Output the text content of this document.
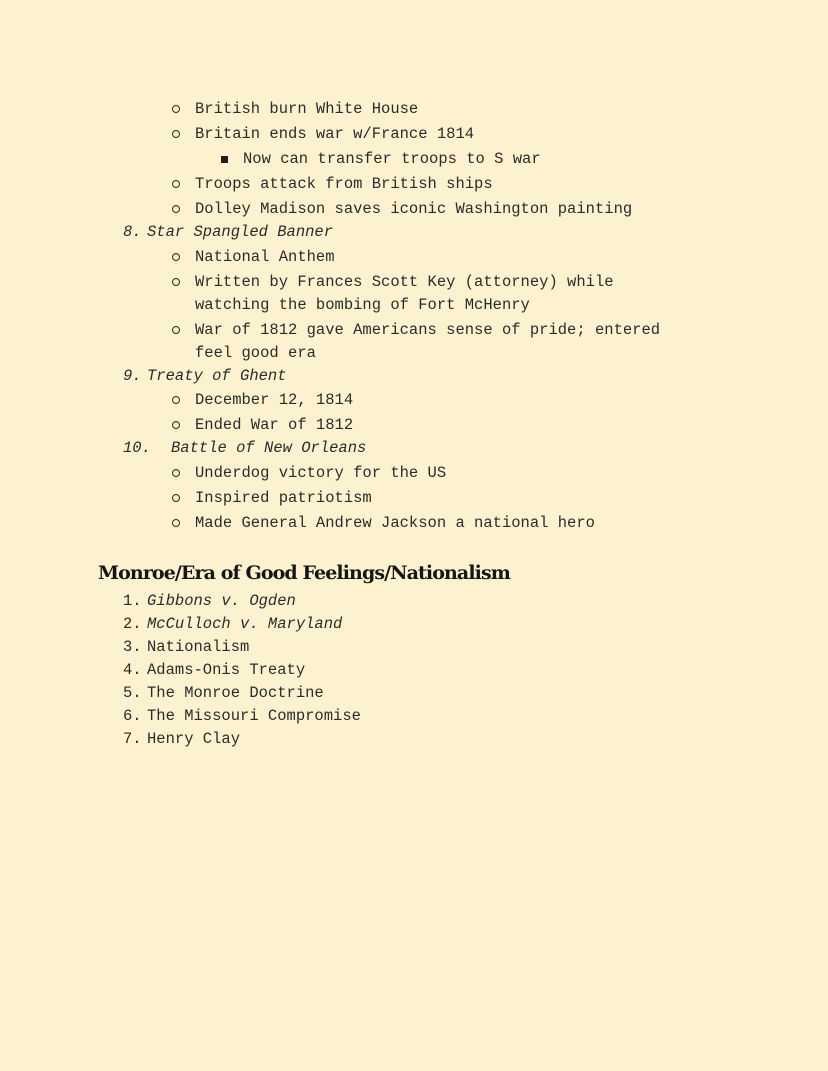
British burn White House
Britain ends war w/France 1814
Now can transfer troops to S war
Troops attack from British ships
Dolley Madison saves iconic Washington painting
8. Star Spangled Banner
National Anthem
Written by Frances Scott Key (attorney) while
watching the bombing of Fort McHenry
War of 1812 gave Americans sense of pride; entered
feel good era
9. Treaty of Ghent
December 12, 1814
Ended War of 1812
10. Battle of New Orleans
Underdog victory for the US
Inspired patriotism
Made General Andrew Jackson a national hero
Monroe/Era of Good Feelings/Nationalism
1. Gibbons v. Ogden
2. McCulloch v. Maryland
3. Nationalism
4. Adams-Onis Treaty
5. The Monroe Doctrine
6. The Missouri Compromise
7. Henry Clay
